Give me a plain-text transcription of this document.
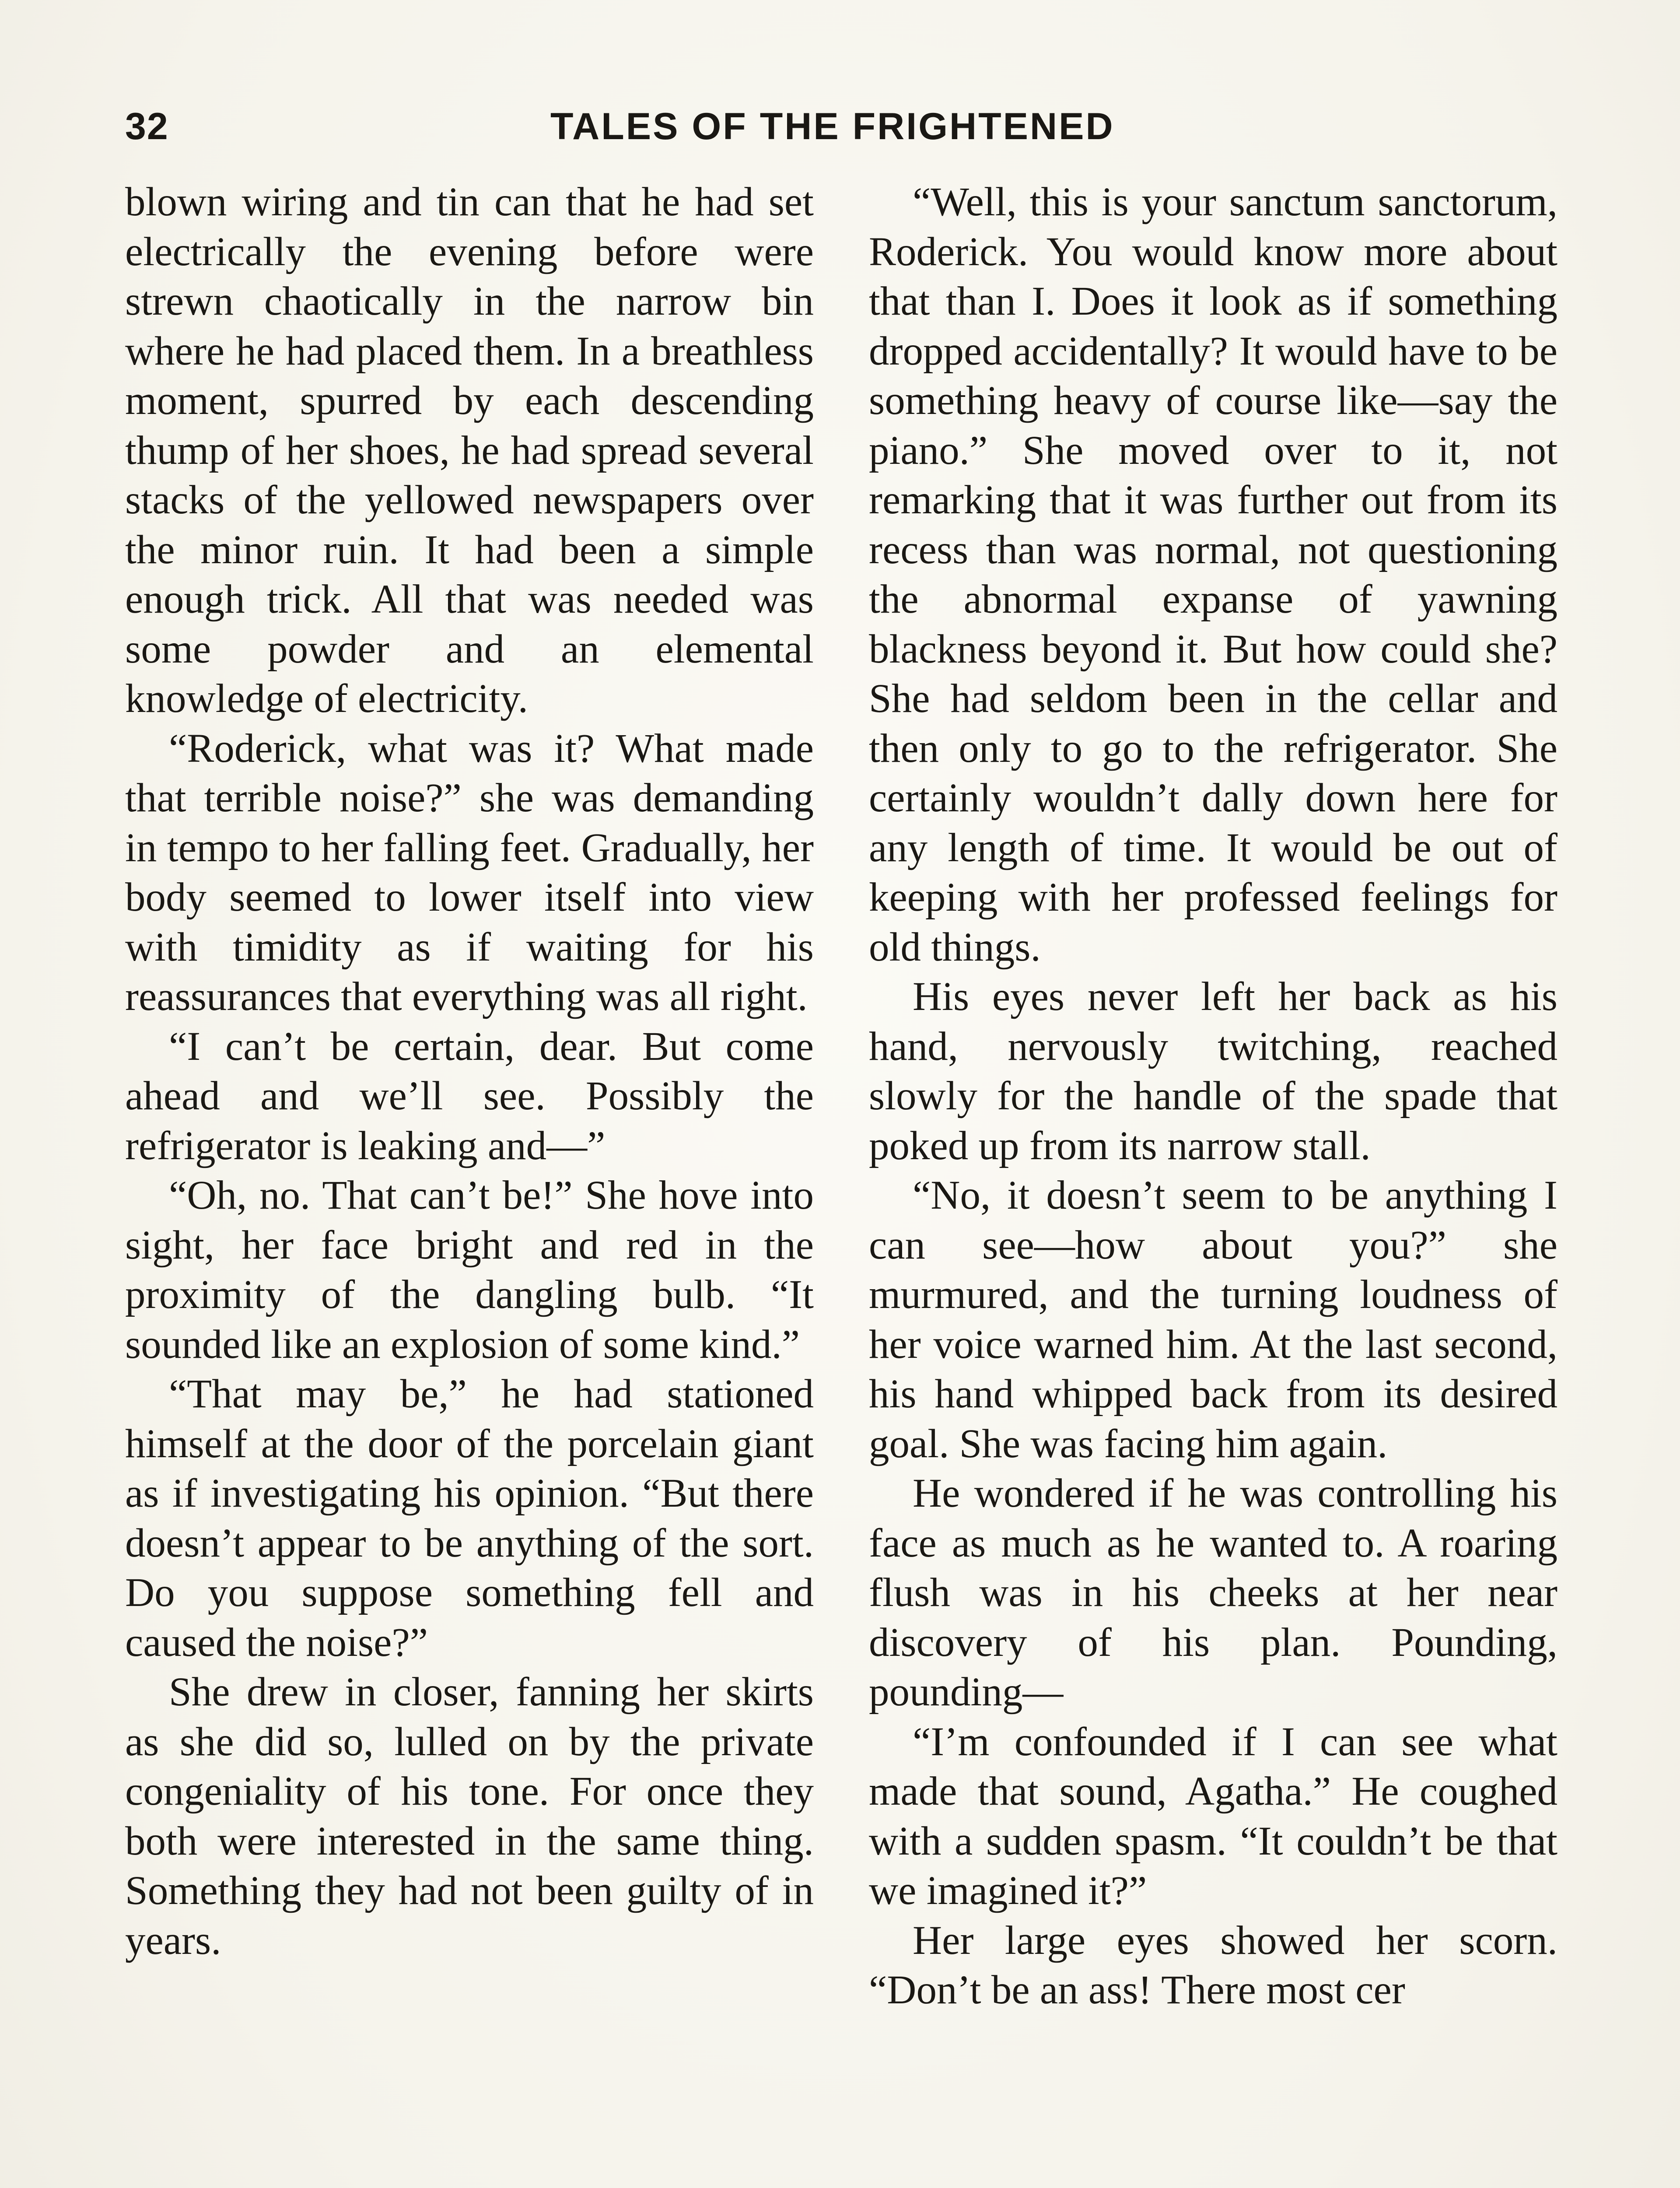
32	TALES OF THE FRIGHTENED

blown wiring and tin can that he had set electrically the evening before were strewn chaotically in the narrow bin where he had placed them. In a breathless moment, spurred by each descending thump of her shoes, he had spread several stacks of the yellowed newspapers over the minor ruin. It had been a simple enough trick. All that was needed was some powder and an elemental knowledge of electricity.

“Roderick, what was it? What made that terrible noise?” she was demanding in tempo to her falling feet. Gradually, her body seemed to lower itself into view with timidity as if waiting for his reassurances that everything was all right.

“I can’t be certain, dear. But come ahead and we’ll see. Possibly the refrigerator is leaking and—”

“Oh, no. That can’t be!” She hove into sight, her face bright and red in the proximity of the dangling bulb. “It sounded like an explosion of some kind.”

“That may be,” he had stationed himself at the door of the porcelain giant as if investigating his opinion. “But there doesn’t appear to be anything of the sort. Do you suppose something fell and caused the noise?”

She drew in closer, fanning her skirts as she did so, lulled on by the private congeniality of his tone. For once they both were interested in the same thing. Something they had not been guilty of in years.

“Well, this is your sanctum sanctorum, Roderick. You would know more about that than I. Does it look as if something dropped accidentally? It would have to be something heavy of course like—say the piano.” She moved over to it, not remarking that it was further out from its recess than was normal, not questioning the abnormal expanse of yawning blackness beyond it. But how could she? She had seldom been in the cellar and then only to go to the refrigerator. She certainly wouldn’t dally down here for any length of time. It would be out of keeping with her professed feelings for old things.

His eyes never left her back as his hand, nervously twitching, reached slowly for the handle of the spade that poked up from its narrow stall.

“No, it doesn’t seem to be anything I can see—how about you?” she murmured, and the turning loudness of her voice warned him. At the last second, his hand whipped back from its desired goal. She was facing him again.

He wondered if he was controlling his face as much as he wanted to. A roaring flush was in his cheeks at her near discovery of his plan. Pounding, pounding—

“I’m confounded if I can see what made that sound, Agatha.” He coughed with a sudden spasm. “It couldn’t be that we imagined it?”

Her large eyes showed her scorn. “Don’t be an ass! There most cer
